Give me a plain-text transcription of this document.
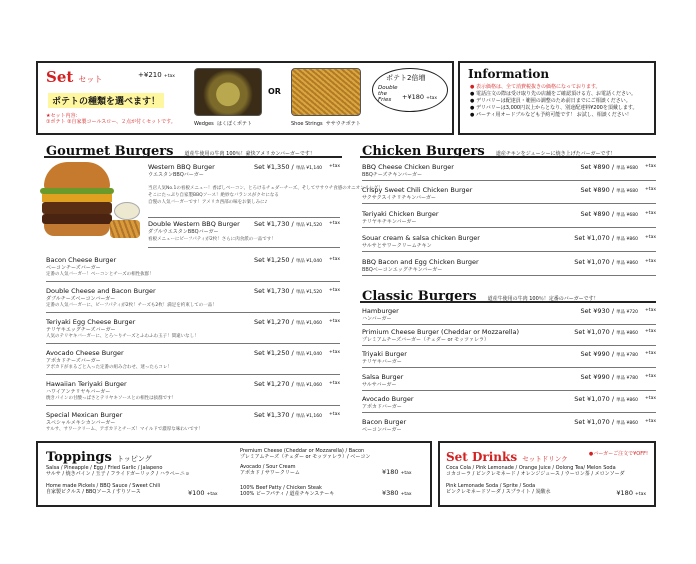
Set セット	+¥210 +tax
ポテトの種類を選べます！
★セット内容：
①ポテト ②自家製コールスロー、２点が付くセットです。	Wedges はくぼくポテト
OR
Shoe Strings ササウチポテト
ポテト2倍増
Double the Fries	+¥180 +tax
Information
● 表示価格は、全て消費税抜きの価格になっております。
● 電話注文の際は受け取り先の店舗をご確認頂ける方、お電話ください。
● デリバリーは配達員・範囲の調整のため前日までにご相談ください。
● デリバリーは3,000円以上からとなり、別途配達料¥200を頂戴します。
● パーティ用オードブルなども予約可能です！ お試し、相談ください！
Gourmet Burgers 道産牛使用の牛肉 100％！豪快アメリカンバーガーです！
Western BBQ Burger
ウエスタンBBQバーガー
当店人気No.1の看板メニュー！香ばしベーコン、とろけるチェダーチーズ、そしてササウチ食感のオニオンリング！
そこにたっぷり自家製BBQソース！絶妙なバランスがクセになる
自慢の人気バーガーです！アメリカ西部の味をお楽しみに♪
Set ¥1,350 / 単品 ¥1,140 +tax
Double Western BBQ Burger
ダブルウエスタンBBQバーガー
看板メニューにビーフパティが2枚！さらに肉食派の一品です！
Set ¥1,730 / 単品 ¥1,520 +tax
Bacon Cheese Burger
ベーコンチーズバーガー
定番の人気バーガー！ベーコンとチーズの相性抜群！
Set ¥1,250 / 単品 ¥1,040 +tax
Double Cheese and Bacon Burger
ダブルチーズベーコンバーガー
定番の人気バーガーに、ビーフパティが2枚！チーズも2枚！満足を約束しての一品！
Set ¥1,730 / 単品 ¥1,520 +tax
Teriyaki Egg Cheese Burger
テリヤキエッグチーズバーガー
人気のテリヤキバーガーに、とろ〜りチーズとふわふわ玉子！間違いなし！
Set ¥1,270 / 単品 ¥1,060 +tax
Avocado Cheese Burger
アボカドチーズバーガー
アボカドがまるごと入った定番の組み合わせ、迷ったらコレ！
Set ¥1,250 / 単品 ¥1,040 +tax
Hawaiian Teriyaki Burger
ハワイアンテリヤキバーガー
焼きパインの甘酸っぱさとテリヤキソースとの相性は抜群です！
Set ¥1,270 / 単品 ¥1,060 +tax
Special Mexican Burger
スペシャルメキシカンバーガー
サルサ、サワークリーム、アボカドとチーズ！マイルドで濃厚な味わいです！
Set ¥1,370 / 単品 ¥1,160 +tax
Chicken Burgers 道産チキンをジューシーに焼き上げたバーガーです！
BBQ Cheese Chicken Burger
BBQチーズチキンバーガー
Set ¥890 / 単品 ¥680 +tax
Crispy Sweet Chili Chicken Burger
サクサクスイチリチキンバーガー
Set ¥890 / 単品 ¥680 +tax
Teriyaki Chicken Burger
テリヤキチキンバーガー
Set ¥890 / 単品 ¥680 +tax
Souar cream & salsa chicken Burger
サルサとサワークリームチキン
Set ¥1,070 / 単品 ¥860 +tax
BBQ Bacon and Egg Chicken Burger
BBQベーコンエッグチキンバーガー
Set ¥1,070 / 単品 ¥860 +tax
Classic Burgers 道産牛使用の牛肉 100％！定番のバーガーです！
Hamburger
ハンバーガー
Set ¥930 / 単品 ¥720 +tax
Primium Cheese Burger (Cheddar or Mozzarella)
プレミアムチーズバーガー（チェダー or モッツァレラ）
Set ¥1,070 / 単品 ¥860 +tax
Triyaki Burger
テリヤキバーガー
Set ¥990 / 単品 ¥780 +tax
Salsa Burger
サルサバーガー
Set ¥990 / 単品 ¥780 +tax
Avocado Burger
アボカドバーガー
Set ¥1,070 / 単品 ¥860 +tax
Bacon Burger
ベーコンバーガー
Set ¥1,070 / 単品 ¥860 +tax
Toppings トッピング
Salsa / Pineapple / Egg / Fried Garlic / Jalapeno
サルサ / 焼きパイン / 玉子 / フライドガーリック / ハラペーニョ
Home made Pickels / BBQ Sauce / Sweet Chili
自家製ピクルス / BBQソース / すりソース	¥100 +tax
Premium Cheese (Cheddar or Mozzarella) / Bacon
プレミアムチーズ（チェダー or モッツァレラ）/ ベーコン
Avocado / Sour Cream
アボカド / サワークリーム	¥180 +tax
100% Beef Patty / Chicken Steak
100% ビーフパティ / 道産チキンステーキ	¥380 +tax
Set Drinks セットドリンク
●バーガーご注文で¥OFF!
Coca Cola / Pink Lemonade / Orange Juice / Oolong Tea/ Melon Soda
コカコーラ / ピンクレモネード / オレンジジュース / ウーロン茶 / メロンソーダ
Pink Lemonade Soda / Sprite / Soda
ピンクレモネードソーダ / スプライト / 炭酸水	¥180 +tax
